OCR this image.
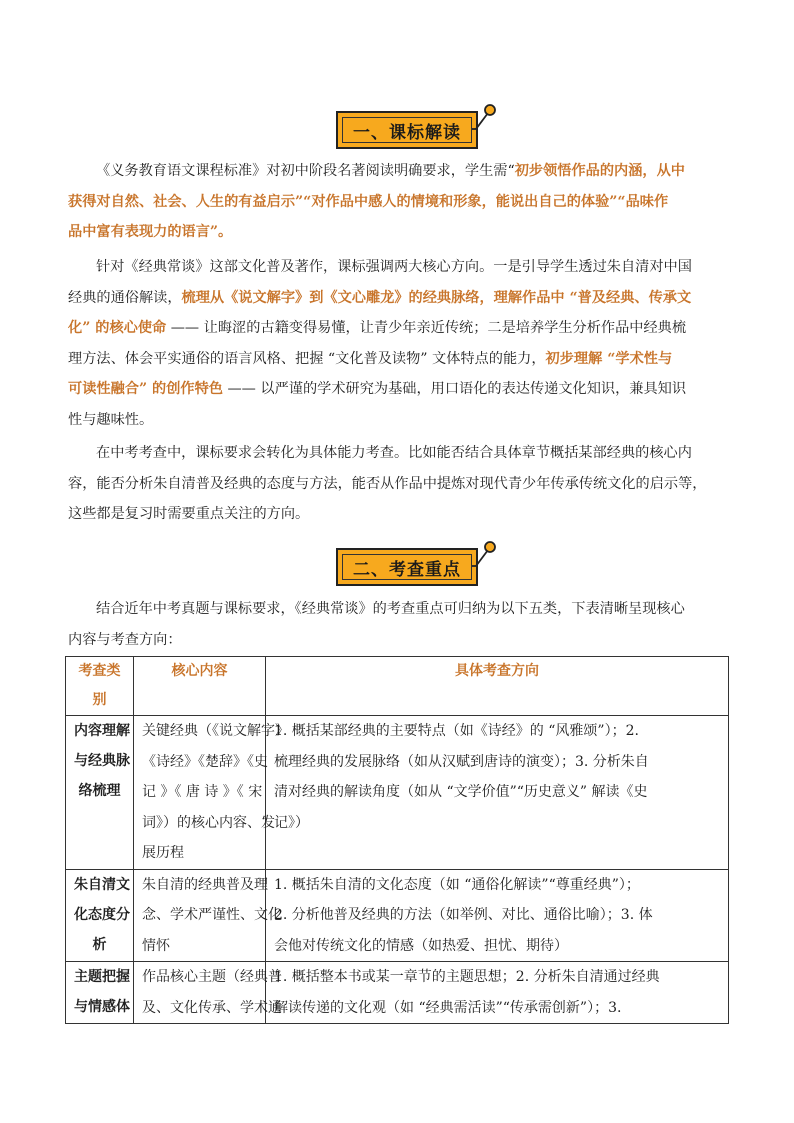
一、课标解读

《义务教育语文课程标准》对初中阶段名著阅读明确要求，学生需“初步领悟作品的内涵，从中
获得对自然、社会、人生的有益启示”“对作品中感人的情境和形象，能说出自己的体验”“品味作
品中富有表现力的语言”。

针对《经典常谈》这部文化普及著作，课标强调两大核心方向。一是引导学生透过朱自清对中国
经典的通俗解读，梳理从《说文解字》到《文心雕龙》的经典脉络，理解作品中 “普及经典、传承文
化” 的核心使命 —— 让晦涩的古籍变得易懂，让青少年亲近传统；二是培养学生分析作品中经典梳
理方法、体会平实通俗的语言风格、把握 “文化普及读物” 文体特点的能力，初步理解 “学术性与
可读性融合” 的创作特色 —— 以严谨的学术研究为基础，用口语化的表达传递文化知识，兼具知识
性与趣味性。

在中考考查中，课标要求会转化为具体能力考查。比如能否结合具体章节概括某部经典的核心内
容，能否分析朱自清普及经典的态度与方法，能否从作品中提炼对现代青少年传承传统文化的启示等，
这些都是复习时需要重点关注的方向。

二、考查重点

结合近年中考真题与课标要求，《经典常谈》的考查重点可归纳为以下五类，下表清晰呈现核心
内容与考查方向：

考查类别	核心内容	具体考查方向

内容理解
与经典脉
络梳理	关键经典（《说文解字》
《诗经》《楚辞》《史
记 》《 唐 诗 》《 宋
词》）的核心内容、发
展历程	1. 概括某部经典的主要特点（如《诗经》的 “风雅颂”）；2.
梳理经典的发展脉络（如从汉赋到唐诗的演变）；3. 分析朱自
清对经典的解读角度（如从 “文学价值”“历史意义” 解读《史
记》）

朱自清文
化态度分
析	朱自清的经典普及理
念、学术严谨性、文化
情怀	1. 概括朱自清的文化态度（如 “通俗化解读”“尊重经典”）；
2. 分析他普及经典的方法（如举例、对比、通俗比喻）；3. 体
会他对传统文化的情感（如热爱、担忧、期待）

主题把握
与情感体	作品核心主题（经典普
及、文化传承、学术通	1. 概括整本书或某一章节的主题思想；2. 分析朱自清通过经典
解读传递的文化观（如 “经典需活读”“传承需创新”）；3.
